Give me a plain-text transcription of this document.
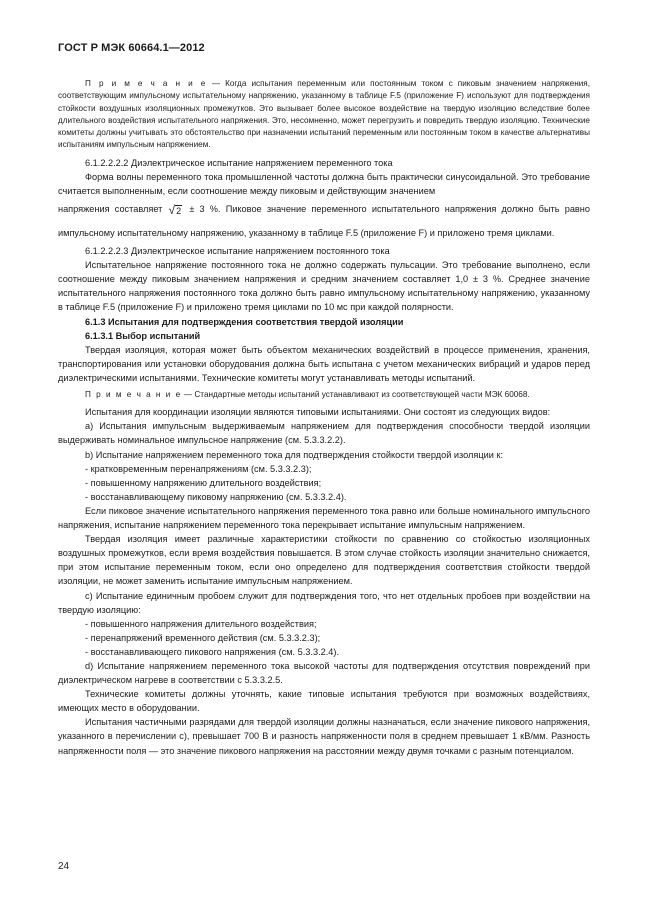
ГОСТ Р МЭК 60664.1—2012

П р и м е ч а н и е — Когда испытания переменным или постоянным током с пиковым значением напряжения, соответствующим импульсному испытательному напряжению, указанному в таблице F.5 (приложение F) используют для подтверждения стойкости воздушных изоляционных промежутков. Это вызывает более высокое воздействие на твердую изоляцию вследствие более длительного воздействия испытательного напряжения. Это, несомненно, может перегрузить и повредить твердую изоляцию. Технические комитеты должны учитывать это обстоятельство при назначении испытаний переменным или постоянным током в качестве альтернативы испытаниям импульсным напряжением.

6.1.2.2.2.2 Диэлектрическое испытание напряжением переменного тока

Форма волны переменного тока промышленной частоты должна быть практически синусоидальной. Это требование считается выполненным, если соотношение между пиковым и действующим значением

напряжения составляет √2 ± 3 %. Пиковое значение переменного испытательного напряжения должно быть равно импульсному испытательному напряжению, указанному в таблице F.5 (приложение F) и приложено тремя циклами.

6.1.2.2.2.3 Диэлектрическое испытание напряжением постоянного тока

Испытательное напряжение постоянного тока не должно содержать пульсации. Это требование выполнено, если соотношение между пиковым значением напряжения и средним значением составляет 1,0 ± 3 %. Среднее значение испытательного напряжения постоянного тока должно быть равно импульсному испытательному напряжению, указанному в таблице F.5 (приложение F) и приложено тремя циклами по 10 мс при каждой полярности.

6.1.3 Испытания для подтверждения соответствия твердой изоляции

6.1.3.1 Выбор испытаний

Твердая изоляция, которая может быть объектом механических воздействий в процессе применения, хранения, транспортирования или установки оборудования должна быть испытана с учетом механических вибраций и ударов перед диэлектрическими испытаниями. Технические комитеты могут устанавливать методы испытаний.

П р и м е ч а н и е — Стандартные методы испытаний устанавливают из соответствующей части МЭК 60068.

Испытания для координации изоляции являются типовыми испытаниями. Они состоят из следующих видов:

a) Испытания импульсным выдерживаемым напряжением для подтверждения способности твердой изоляции выдерживать номинальное импульсное напряжение (см. 5.3.3.2.2).

b) Испытание напряжением переменного тока для подтверждения стойкости твердой изоляции к:

- кратковременным перенапряжениям (см. 5.3.3.2.3);

- повышенному напряжению длительного воздействия;

- восстанавливающему пиковому напряжению (см. 5.3.3.2.4).

Если пиковое значение испытательного напряжения переменного тока равно или больше номинального импульсного напряжения, испытание напряжением переменного тока перекрывает испытание импульсным напряжением.

Твердая изоляция имеет различные характеристики стойкости по сравнению со стойкостью изоляционных воздушных промежутков, если время воздействия повышается. В этом случае стойкость изоляции значительно снижается, при этом испытание переменным током, если оно определено для подтверждения соответствия стойкости твердой изоляции, не может заменить испытание импульсным напряжением.

c) Испытание единичным пробоем служит для подтверждения того, что нет отдельных пробоев при воздействии на твердую изоляцию:

- повышенного напряжения длительного воздействия;

- перенапряжений временного действия (см. 5.3.3.2.3);

- восстанавливающего пикового напряжения (см. 5.3.3.2.4).

d) Испытание напряжением переменного тока высокой частоты для подтверждения отсутствия повреждений при диэлектрическом нагреве в соответствии с 5.3.3.2.5.

Технические комитеты должны уточнять, какие типовые испытания требуются при возможных воздействиях, имеющих место в оборудовании.

Испытания частичными разрядами для твердой изоляции должны назначаться, если значение пикового напряжения, указанного в перечислении c), превышает 700 В и разность напряженности поля в среднем превышает 1 кВ/мм. Разность напряженности поля — это значение пикового напряжения на расстоянии между двумя точками с разным потенциалом.

24
